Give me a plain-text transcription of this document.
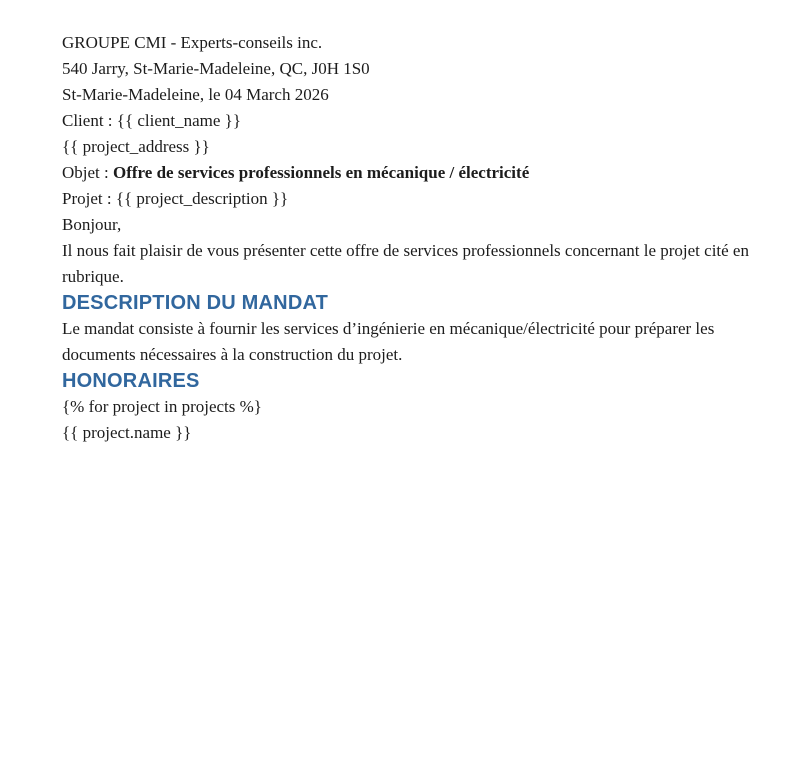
GROUPE CMI - Experts-conseils inc.

540 Jarry, St-Marie-Madeleine, QC, J0H 1S0

St-Marie-Madeleine, le 04 March 2026

Client : {{ client_name }}

{{ project_address }}

Objet : Offre de services professionnels en mécanique / électricité

Projet : {{ project_description }}

Bonjour,

Il nous fait plaisir de vous présenter cette offre de services professionnels concernant le projet cité en rubrique.

DESCRIPTION DU MANDAT

Le mandat consiste à fournir les services d’ingénierie en mécanique/électricité pour préparer les documents nécessaires à la construction du projet.

HONORAIRES

{% for project in projects %}

{{ project.name }}
